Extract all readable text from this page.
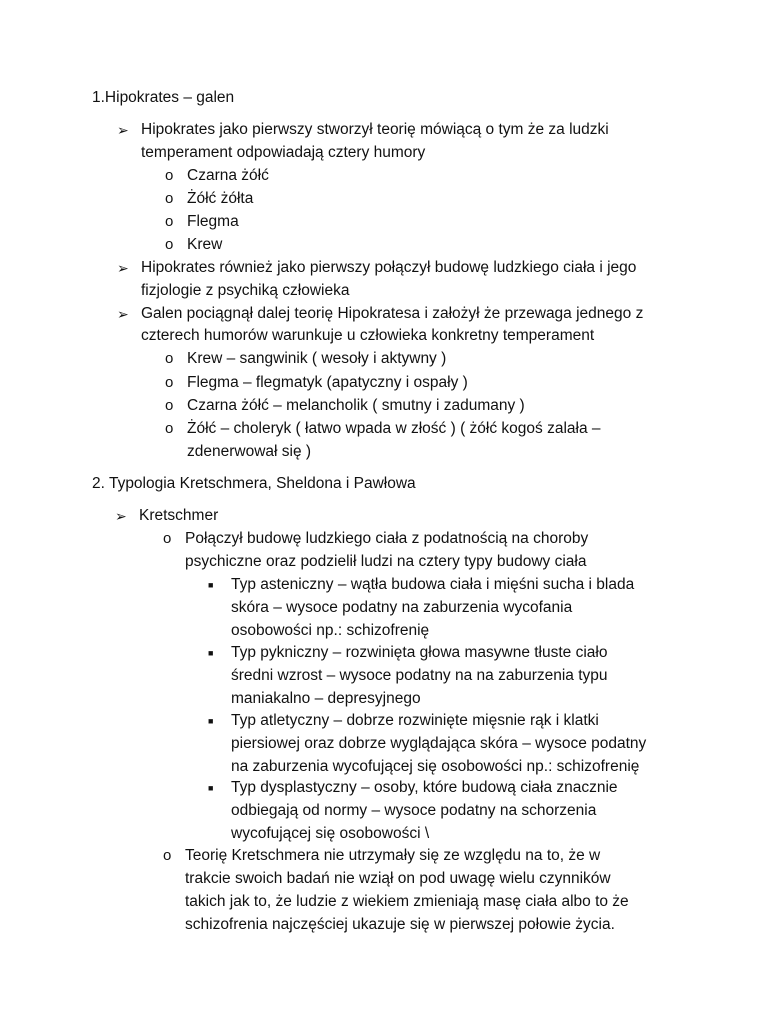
1.Hipokrates – galen
➢ Hipokrates jako pierwszy stworzył teorię mówiącą o tym że za ludzki
temperament odpowiadają cztery humory
o Czarna żółć
o Żółć żółta
o Flegma
o Krew
➢ Hipokrates również jako pierwszy połączył budowę ludzkiego ciała i jego
fizjologie z psychiką człowieka
➢ Galen pociągnął dalej teorię Hipokratesa i założył że przewaga jednego z
czterech humorów warunkuje u człowieka konkretny temperament
o Krew – sangwinik ( wesoły i aktywny )
o Flegma – flegmatyk (apatyczny i ospały )
o Czarna żółć – melancholik ( smutny i zadumany )
o Żółć – choleryk ( łatwo wpada w złość ) ( żółć kogoś zalała –
zdenerwował się )
2. Typologia Kretschmera, Sheldona i Pawłowa
➢ Kretschmer
o Połączył budowę ludzkiego ciała z podatnością na choroby
psychiczne oraz podzielił ludzi na cztery typy budowy ciała
■ Typ asteniczny – wątła budowa ciała i mięśni sucha i blada
skóra – wysoce podatny na zaburzenia wycofania
osobowości np.: schizofrenię
■ Typ pykniczny – rozwinięta głowa masywne tłuste ciało
średni wzrost – wysoce podatny na na zaburzenia typu
maniakalno – depresyjnego
■ Typ atletyczny – dobrze rozwinięte mięsnie rąk i klatki
piersiowej oraz dobrze wyglądająca skóra – wysoce podatny
na zaburzenia wycofującej się osobowości np.: schizofrenię
■ Typ dysplastyczny – osoby, które budową ciała znacznie
odbiegają od normy – wysoce podatny na schorzenia
wycofującej się osobowości \
o Teorię Kretschmera nie utrzymały się ze względu na to, że w
trakcie swoich badań nie wziął on pod uwagę wielu czynników
takich jak to, że ludzie z wiekiem zmieniają masę ciała albo to że
schizofrenia najczęściej ukazuje się w pierwszej połowie życia.
